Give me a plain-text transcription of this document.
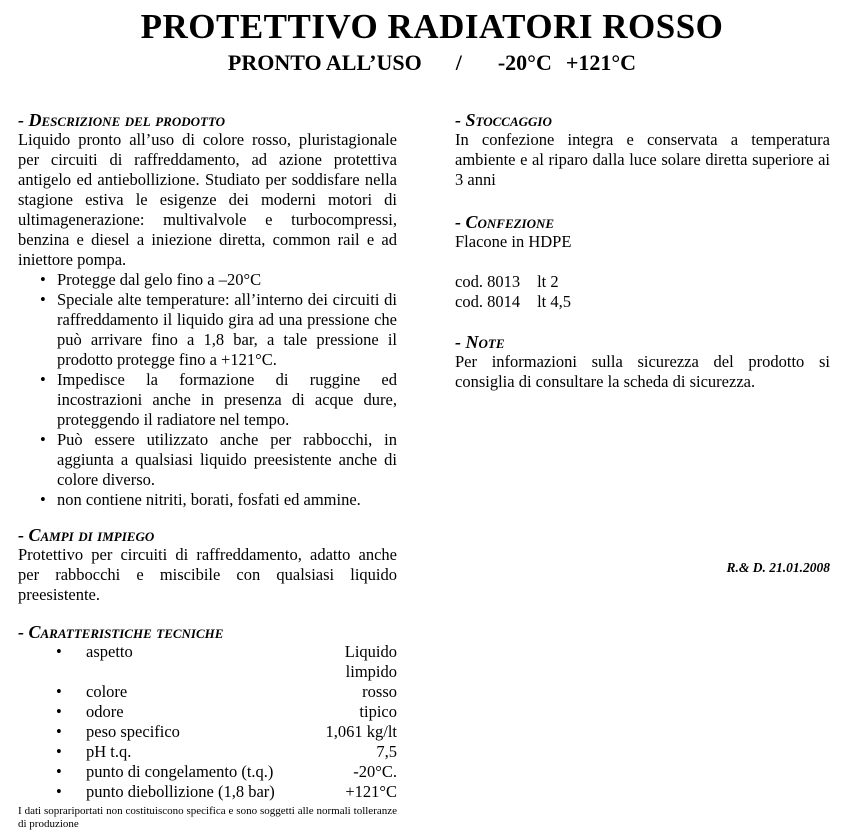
PROTETTIVO RADIATORI ROSSO
PRONTO ALL’USO / -20°C +121°C
- Descrizione del prodotto

Liquido pronto all’uso di colore rosso, pluristagionale per circuiti di raffreddamento, ad azione protettiva antigelo ed antiebollizione. Studiato per soddisfare nella stagione estiva le esigenze dei moderni motori di ultimagenerazione: multivalvole e turbocompressi, benzina e diesel a iniezione diretta, common rail e ad iniettore pompa.

• Protegge dal gelo fino a –20°C
• Speciale alte temperature: all’interno dei circuiti di raffreddamento il liquido gira ad una pressione che può arrivare fino a 1,8 bar, a tale pressione il prodotto protegge fino a +121°C.
• Impedisce la formazione di ruggine ed incostrazioni anche in presenza di acque dure, proteggendo il radiatore nel tempo.
• Può essere utilizzato anche per rabbocchi, in aggiunta a qualsiasi liquido preesistente anche di colore diverso.
• non contiene nitriti, borati, fosfati ed ammine.
- Campi di impiego

Protettivo per circuiti di raffreddamento, adatto anche per rabbocchi e miscibile con qualsiasi liquido preesistente.

- Caratteristiche tecniche
• aspetto	Liquido limpido
• colore	rosso
• odore	tipico
• peso specifico	1,061 kg/lt
• pH t.q.	7,5
• punto di congelamento (t.q.)	-20°C.
• punto diebollizione (1,8 bar)	+121°C
I dati soprariportati non costituiscono specifica e sono soggetti alle normali tolleranze di produzione
- Stoccaggio

In confezione integra e conservata a temperatura ambiente e al riparo dalla luce solare diretta superiore ai 3 anni

- Confezione

Flacone in HDPE

cod. 8013 lt 2
cod. 8014 lt 4,5
- Note

Per informazioni sulla sicurezza del prodotto si consiglia di consultare la scheda di sicurezza.

R.& D. 21.01.2008
